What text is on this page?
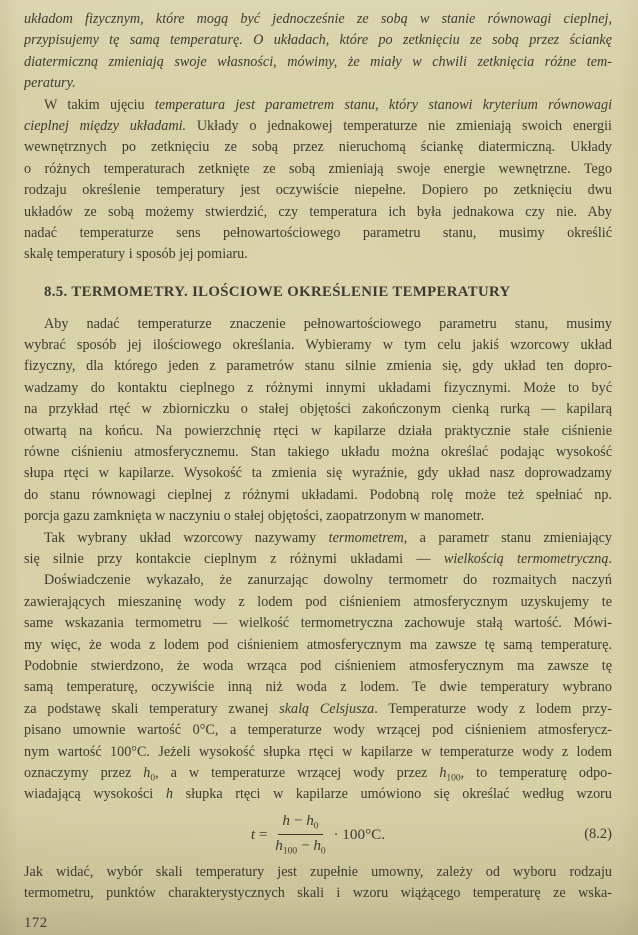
układom fizycznym, które mogą być jednocześnie ze sobą w stanie równowagi cieplnej,
przypisujemy tę samą temperaturę. O układach, które po zetknięciu ze sobą przez ściankę
diatermiczną zmieniają swoje własności, mówimy, że miały w chwili zetknięcia różne tem-
peratury.
W takim ujęciu temperatura jest parametrem stanu, który stanowi kryterium równowagi
cieplnej między układami. Układy o jednakowej temperaturze nie zmieniają swoich energii
wewnętrznych po zetknięciu ze sobą przez nieruchomą ściankę diatermiczną. Układy
o różnych temperaturach zetknięte ze sobą zmieniają swoje energie wewnętrzne. Tego
rodzaju określenie temperatury jest oczywiście niepełne. Dopiero po zetknięciu dwu
układów ze sobą możemy stwierdzić, czy temperatura ich była jednakowa czy nie. Aby
nadać temperaturze sens pełnowartościowego parametru stanu, musimy określić
skalę temperatury i sposób jej pomiaru.
8.5. TERMOMETRY. ILOŚCIOWE OKREŚLENIE TEMPERATURY
Aby nadać temperaturze znaczenie pełnowartościowego parametru stanu, musimy
wybrać sposób jej ilościowego określania. Wybieramy w tym celu jakiś wzorcowy układ
fizyczny, dla którego jeden z parametrów stanu silnie zmienia się, gdy układ ten dopro-
wadzamy do kontaktu cieplnego z różnymi innymi układami fizycznymi. Może to być
na przykład rtęć w zbiorniczku o stałej objętości zakończonym cienką rurką — kapilarą
otwartą na końcu. Na powierzchnię rtęci w kapilarze działa praktycznie stałe ciśnienie
równe ciśnieniu atmosferycznemu. Stan takiego układu można określać podając wysokość
słupa rtęci w kapilarze. Wysokość ta zmienia się wyraźnie, gdy układ nasz doprowadzamy
do stanu równowagi cieplnej z różnymi układami. Podobną rolę może też spełniać np.
porcja gazu zamknięta w naczyniu o stałej objętości, zaopatrzonym w manometr.
Tak wybrany układ wzorcowy nazywamy termometrem, a parametr stanu zmieniający
się silnie przy kontakcie cieplnym z różnymi układami — wielkością termometryczną.
Doświadczenie wykazało, że zanurzając dowolny termometr do rozmaitych naczyń
zawierających mieszaninę wody z lodem pod ciśnieniem atmosferycznym uzyskujemy te
same wskazania termometru — wielkość termometryczna zachowuje stałą wartość. Mówi-
my więc, że woda z lodem pod ciśnieniem atmosferycznym ma zawsze tę samą temperaturę.
Podobnie stwierdzono, że woda wrząca pod ciśnieniem atmosferycznym ma zawsze tę
samą temperaturę, oczywiście inną niż woda z lodem. Te dwie temperatury wybrano
za podstawę skali temperatury zwanej skalą Celsjusza. Temperaturze wody z lodem przy-
pisano umownie wartość 0°C, a temperaturze wody wrzącej pod ciśnieniem atmosferycz-
nym wartość 100°C. Jeżeli wysokość słupka rtęci w kapilarze w temperaturze wody z lodem
oznaczymy przez $h_0$, a w temperaturze wrzącej wody przez $h_{100}$, to temperaturę odpo-
wiadającą wysokości h słupka rtęci w kapilarze umówiono się określać według wzoru
$t = \frac{h - h_0}{h_{100} - h_0} \cdot 100^\circ C$.	(8.2)
Jak widać, wybór skali temperatury jest zupełnie umowny, zależy od wyboru rodzaju
termometru, punktów charakterystycznych skali i wzoru wiążącego temperaturę ze wska-
172
